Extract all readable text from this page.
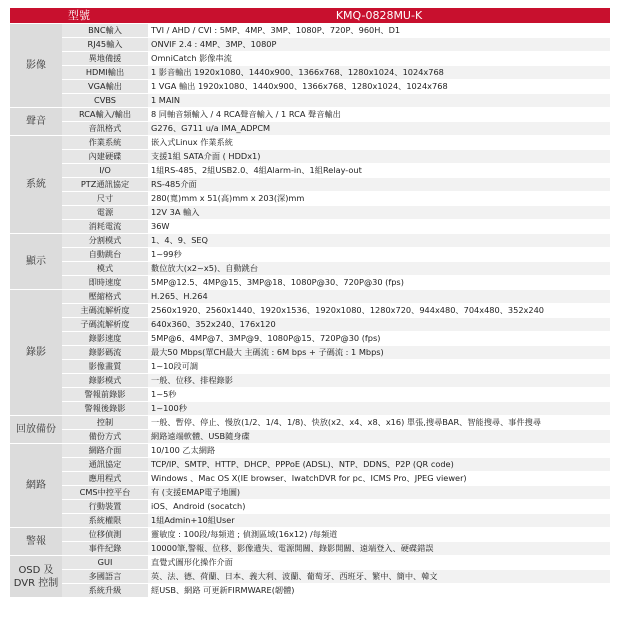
型號		KMQ-0828MU-K
影像	BNC輸入	TVI / AHD / CVI : 5MP、4MP、3MP、1080P、720P、960H、D1
	RJ45輸入	ONVIF 2.4 : 4MP、3MP、1080P
	異地備援	OmniCatch 影像串流
	HDMI輸出	1 影音輸出 1920x1080、1440x900、1366x768、1280x1024、1024x768
	VGA輸出	1 VGA 輸出 1920x1080、1440x900、1366x768、1280x1024、1024x768
	CVBS	1 MAIN
聲音	RCA輸入/輸出	8 同軸音頻輸入 / 4 RCA聲音輸入 / 1 RCA 聲音輸出
	音訊格式	G276、G711 u/a IMA_ADPCM
系統	作業系統	嵌入式Linux 作業系統
	內建硬碟	支援1組 SATA介面 ( HDDx1)
	I/O	1組RS-485、2組USB2.0、4組Alarm-in、1組Relay-out
	PTZ通訊協定	RS-485介面
	尺寸	280(寬)mm x 51(高)mm x 203(深)mm
	電源	12V 3A 輸入
	消耗電流	36W
顯示	分割模式	1、4、9、SEQ
	自動跳台	1~99秒
	模式	數位放大(x2~x5)、自動跳台
	即時速度	5MP@12.5、4MP@15、3MP@18、1080P@30、720P@30 (fps)
錄影	壓縮格式	H.265、H.264
	主碼流解析度	2560x1920、2560x1440、1920x1536、1920x1080、1280x720、944x480、704x480、352x240
	子碼流解析度	640x360、352x240、176x120
	錄影速度	5MP@6、4MP@7、3MP@9、1080P@15、720P@30 (fps)
	錄影碼流	最大50 Mbps(單CH最大 主碼流 : 6M bps + 子碼流 : 1 Mbps)
	影像畫質	1~10段可調
	錄影模式	一般、位移、排程錄影
	警報前錄影	1~5秒
	警報後錄影	1~100秒
回放備份	控制	一般、暫停、停止、慢放(1/2、1/4、1/8)、快放(x2、x4、x8、x16) 單張,搜尋BAR、智能搜尋、事件搜尋
	備份方式	網路遠端軟體、USB隨身碟
網路	網路介面	10/100 乙太網路
	通訊協定	TCP/IP、SMTP、HTTP、DHCP、PPPoE (ADSL)、NTP、DDNS、P2P (QR code)
	應用程式	Windows 、Mac OS X(IE browser、IwatchDVR for pc、ICMS Pro、JPEG viewer)
	CMS中控平台	有 (支援EMAP電子地圖)
	行動裝置	iOS、Android (socatch)
	系統權限	1組Admin+10組User
警報	位移偵測	靈敏度 : 100段/每頻道 ; 偵測區域(16x12) /每頻道
	事件紀錄	10000筆,警報、位移、影像遺失、電源開關、錄影開關、遠端登入、硬碟錯誤
OSD 及 DVR 控制	GUI	直覺式圖形化操作介面
	多國語言	英、法、德、荷蘭、日本、義大利、波蘭、葡萄牙、西班牙、繁中、簡中、韓文
	系統升級	經USB、網路 可更新FIRMWARE(韌體)
